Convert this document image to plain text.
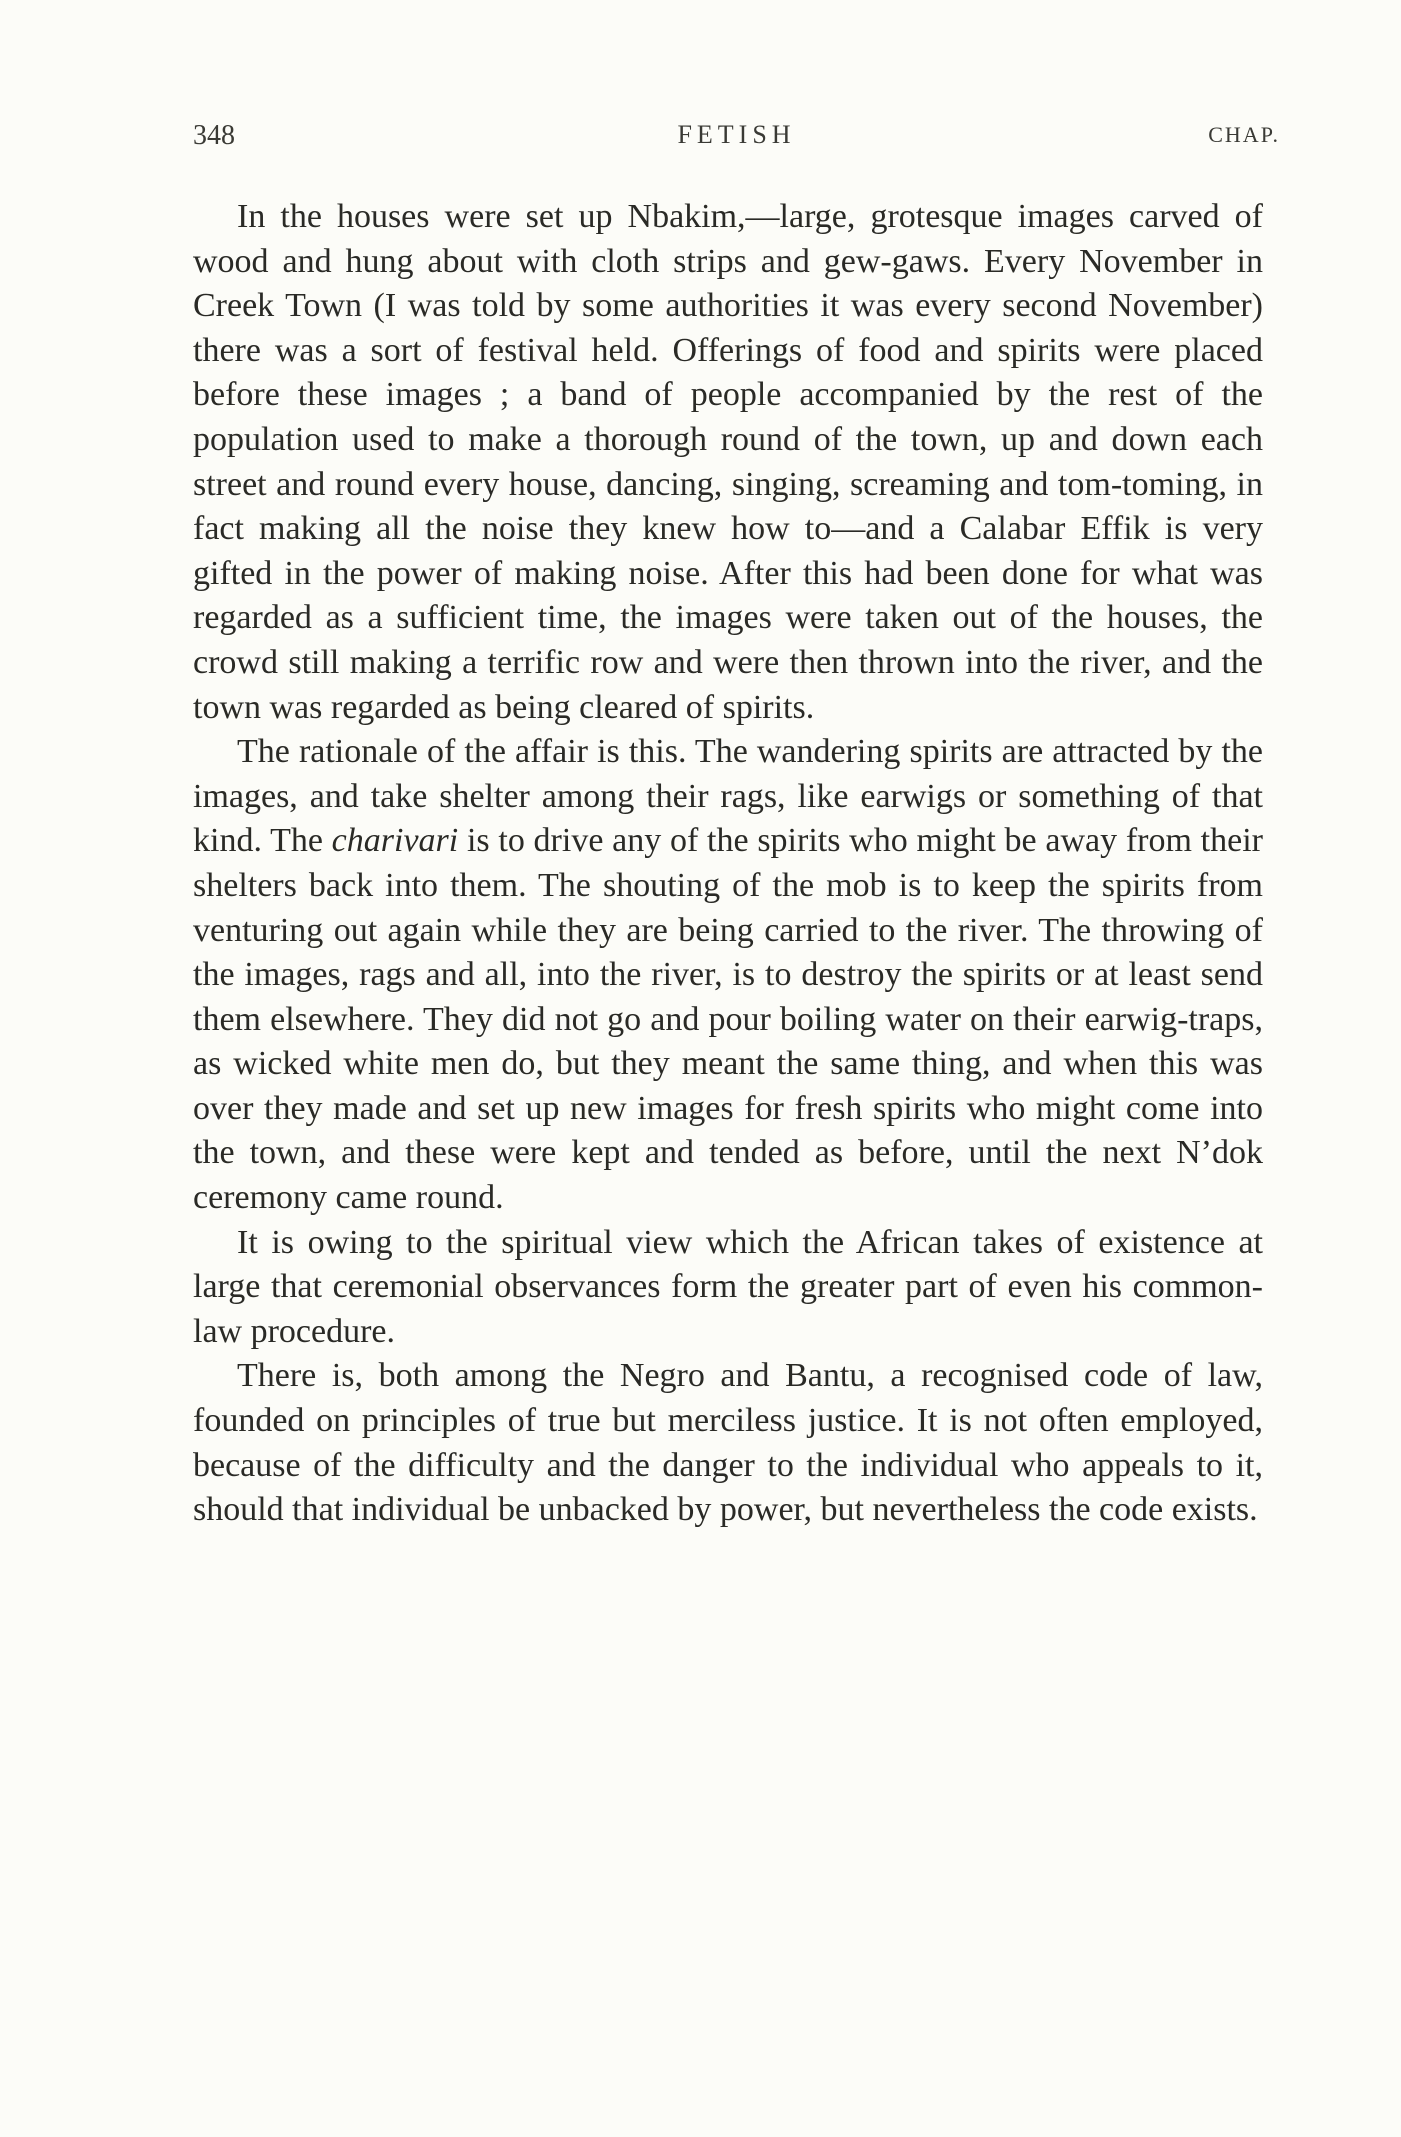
348	FETISH	CHAP.

In the houses were set up Nbakim,—large, grotesque images carved of wood and hung about with cloth strips and gew-gaws. Every November in Creek Town (I was told by some authorities it was every second November) there was a sort of festival held. Offerings of food and spirits were placed before these images ; a band of people accompanied by the rest of the population used to make a thorough round of the town, up and down each street and round every house, dancing, singing, screaming and tom-toming, in fact making all the noise they knew how to—and a Calabar Effik is very gifted in the power of making noise. After this had been done for what was regarded as a sufficient time, the images were taken out of the houses, the crowd still making a terrific row and were then thrown into the river, and the town was regarded as being cleared of spirits.

The rationale of the affair is this. The wandering spirits are attracted by the images, and take shelter among their rags, like earwigs or something of that kind. The charivari is to drive any of the spirits who might be away from their shelters back into them. The shouting of the mob is to keep the spirits from venturing out again while they are being carried to the river. The throwing of the images, rags and all, into the river, is to destroy the spirits or at least send them elsewhere. They did not go and pour boiling water on their earwig-traps, as wicked white men do, but they meant the same thing, and when this was over they made and set up new images for fresh spirits who might come into the town, and these were kept and tended as before, until the next N’dok ceremony came round.

It is owing to the spiritual view which the African takes of existence at large that ceremonial observances form the greater part of even his common-law procedure.

There is, both among the Negro and Bantu, a recognised code of law, founded on principles of true but merciless justice. It is not often employed, because of the difficulty and the danger to the individual who appeals to it, should that individual be unbacked by power, but nevertheless the code exists.
